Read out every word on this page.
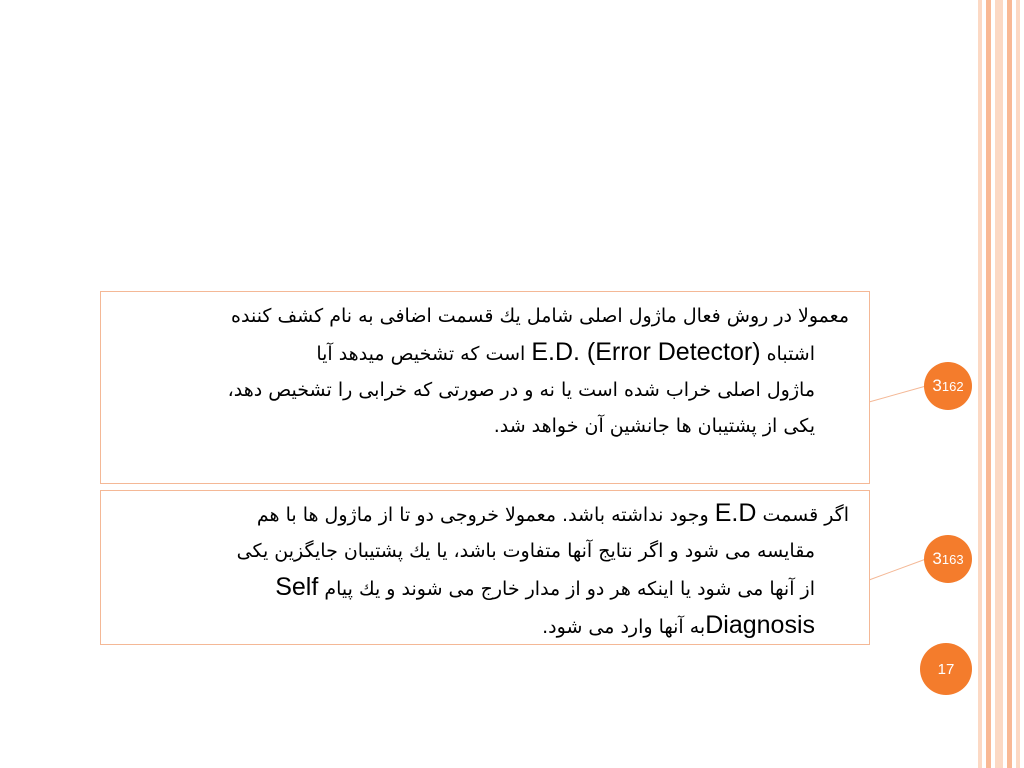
معمولا در روش فعال ماژول اصلی شامل یك قسمت اضافی به نام كشف كننده

اشتباه E.D. (Error Detector) است كه تشخیص میدهد آیا

ماژول اصلی خراب شده است یا نه و در صورتی كه خرابی را تشخیص دهد،

یكی از پشتیبان ها جانشین آن خواهد شد.

اگر قسمت E.D وجود نداشته باشد. معمولا خروجی دو تا از ماژول ها با هم

مقایسه می شود و اگر نتایج آنها متفاوت باشد، یا یك پشتیبان جایگزین یكی

از آنها می شود یا اینكه هر دو از مدار خارج می شوند و یك پیام Self

Diagnosisبه آنها وارد می شود.

3 162
3 163
17
